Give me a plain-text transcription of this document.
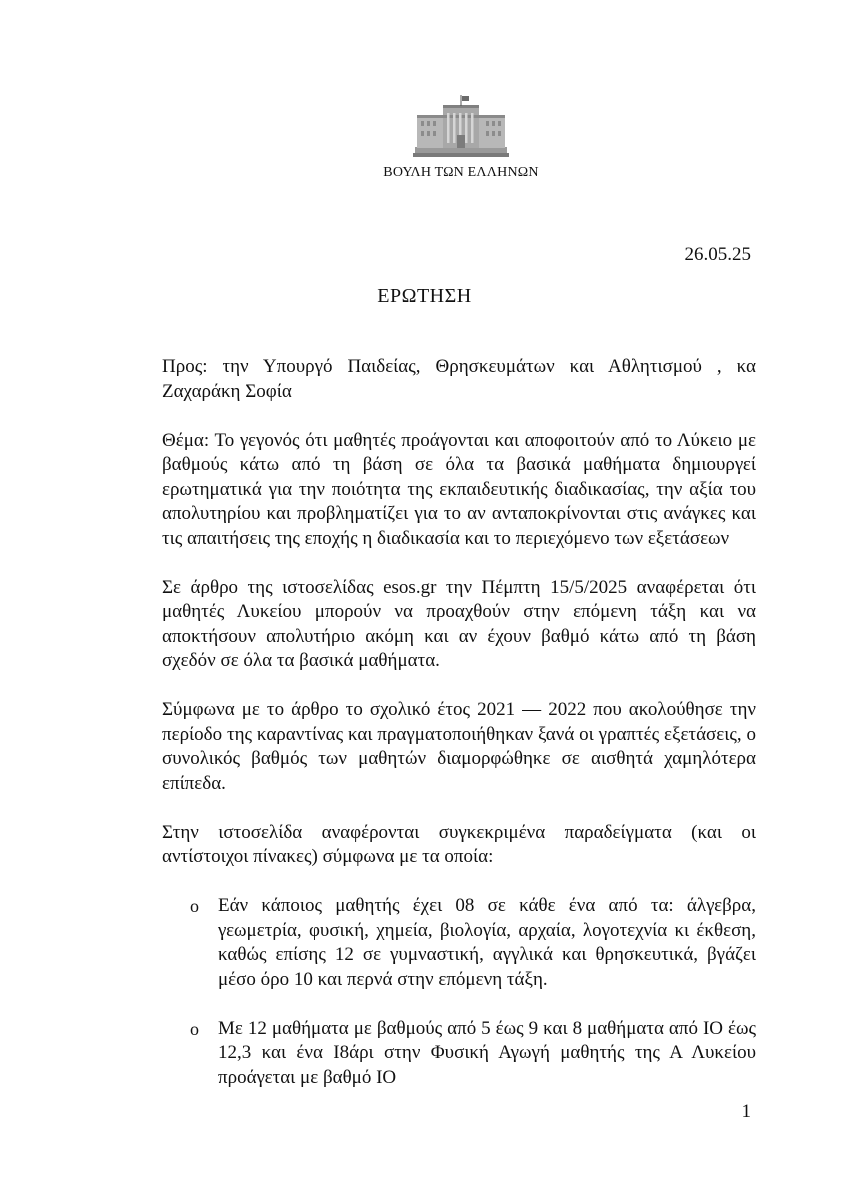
ΒΟΥΛΗ ΤΩΝ ΕΛΛΗΝΩΝ
26.05.25
ΕΡΩΤΗΣΗ

Προς: την Υπουργό Παιδείας, Θρησκευμάτων και Αθλητισμού , κα Ζαχαράκη Σοφία

Θέμα: Το γεγονός ότι μαθητές προάγονται και αποφοιτούν από το Λύκειο με βαθμούς κάτω από τη βάση σε όλα τα βασικά μαθήματα δημιουργεί ερωτηματικά για την ποιότητα της εκπαιδευτικής διαδικασίας, την αξία του απολυτηρίου και προβληματίζει για το αν ανταποκρίνονται στις ανάγκες και τις απαιτήσεις της εποχής η διαδικασία και το περιεχόμενο των εξετάσεων

Σε άρθρο της ιστοσελίδας esos.gr την Πέμπτη 15/5/2025 αναφέρεται ότι μαθητές Λυκείου μπορούν να προαχθούν στην επόμενη τάξη και να αποκτήσουν απολυτήριο ακόμη και αν έχουν βαθμό κάτω από τη βάση σχεδόν σε όλα τα βασικά μαθήματα.

Σύμφωνα με το άρθρο το σχολικό έτος 2021 — 2022 που ακολούθησε την περίοδο της καραντίνας και πραγματοποιήθηκαν ξανά οι γραπτές εξετάσεις, ο συνολικός βαθμός των μαθητών διαμορφώθηκε σε αισθητά χαμηλότερα επίπεδα.

Στην ιστοσελίδα αναφέρονται συγκεκριμένα παραδείγματα (και οι αντίστοιχοι πίνακες) σύμφωνα με τα οποία:

o Εάν κάποιος μαθητής έχει 08 σε κάθε ένα από τα: άλγεβρα, γεωμετρία, φυσική, χημεία, βιολογία, αρχαία, λογοτεχνία κι έκθεση, καθώς επίσης 12 σε γυμναστική, αγγλικά και θρησκευτικά, βγάζει μέσο όρο 10 και περνά στην επόμενη τάξη.
o Με 12 μαθήματα με βαθμούς από 5 έως 9 και 8 μαθήματα από ΙΟ έως 12,3 και ένα Ι8άρι στην Φυσική Αγωγή μαθητής της Α Λυκείου προάγεται με βαθμό ΙΟ
1
